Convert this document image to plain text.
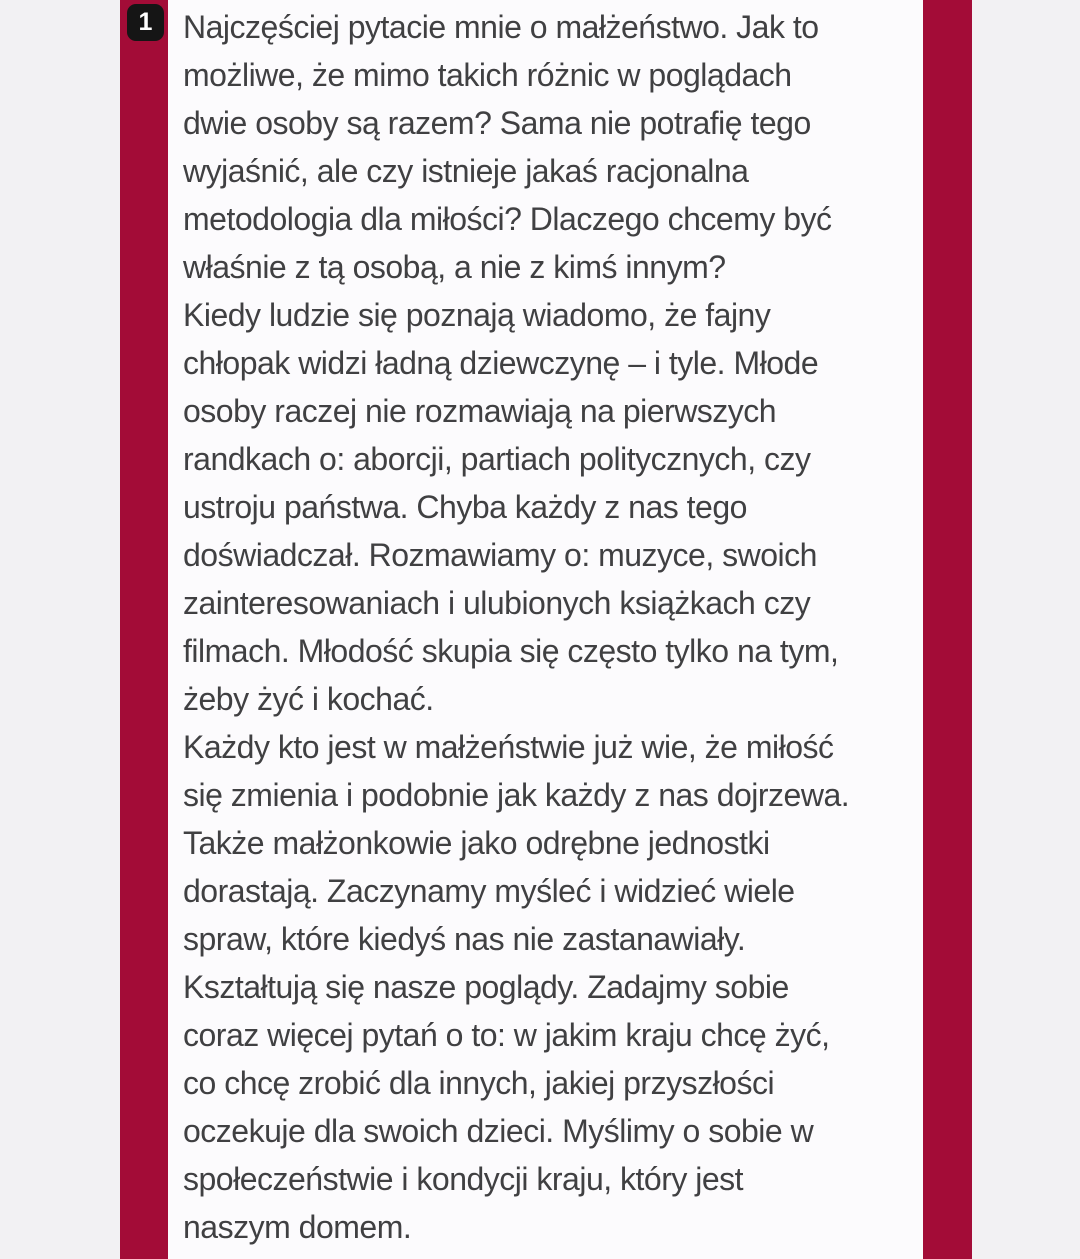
1 Najczęściej pytacie mnie o małżeństwo. Jak to
możliwe, że mimo takich różnic w poglądach
dwie osoby są razem? Sama nie potrafię tego
wyjaśnić, ale czy istnieje jakaś racjonalna
metodologia dla miłości? Dlaczego chcemy być
właśnie z tą osobą, a nie z kimś innym?
Kiedy ludzie się poznają wiadomo, że fajny
chłopak widzi ładną dziewczynę – i tyle. Młode
osoby raczej nie rozmawiają na pierwszych
randkach o: aborcji, partiach politycznych, czy
ustroju państwa. Chyba każdy z nas tego
doświadczał. Rozmawiamy o: muzyce, swoich
zainteresowaniach i ulubionych książkach czy
filmach. Młodość skupia się często tylko na tym,
żeby żyć i kochać.
Każdy kto jest w małżeństwie już wie, że miłość
się zmienia i podobnie jak każdy z nas dojrzewa.
Także małżonkowie jako odrębne jednostki
dorastają. Zaczynamy myśleć i widzieć wiele
spraw, które kiedyś nas nie zastanawiały.
Kształtują się nasze poglądy. Zadajmy sobie
coraz więcej pytań o to: w jakim kraju chcę żyć,
co chcę zrobić dla innych, jakiej przyszłości
oczekuje dla swoich dzieci. Myślimy o sobie w
społeczeństwie i kondycji kraju, który jest
naszym domem.
